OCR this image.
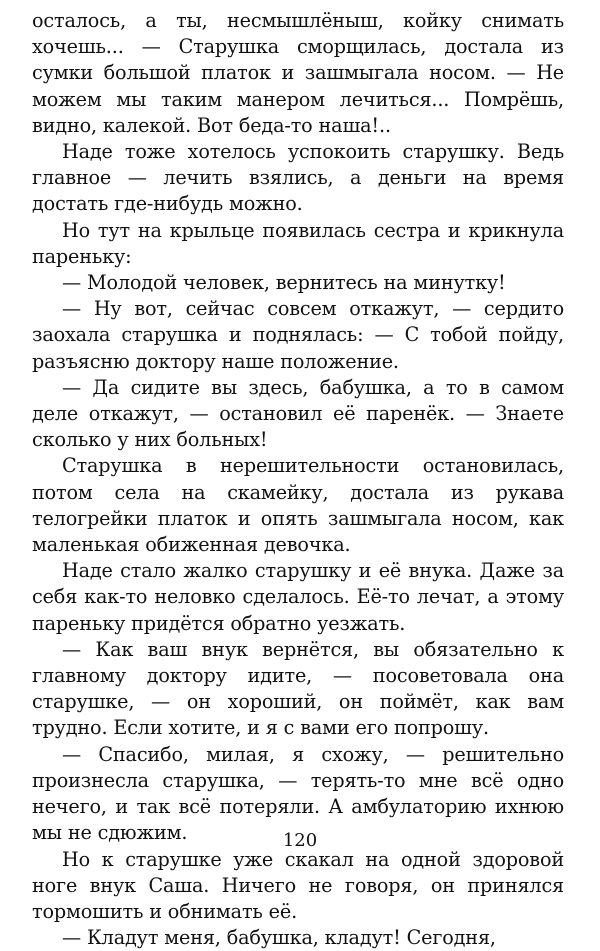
осталось, а ты, несмышлёныш, койку снимать хочешь... — Старушка сморщилась, достала из сумки большой платок и зашмыгала носом. — Не можем мы таким манером лечиться... Помрёшь, видно, калекой. Вот беда-то наша!..

Наде тоже хотелось успокоить старушку. Ведь главное — лечить взялись, а деньги на время достать где-нибудь можно.

Но тут на крыльце появилась сестра и крикнула пареньку:

— Молодой человек, вернитесь на минутку!

— Ну вот, сейчас совсем откажут, — сердито заохала старушка и поднялась: — С тобой пойду, разъясню доктору наше положение.

— Да сидите вы здесь, бабушка, а то в самом деле откажут, — остановил её паренёк. — Знаете сколько у них больных!

Старушка в нерешительности остановилась, потом села на скамейку, достала из рукава телогрейки платок и опять зашмыгала носом, как маленькая обиженная девочка.

Наде стало жалко старушку и её внука. Даже за себя как-то неловко сделалось. Её-то лечат, а этому пареньку придётся обратно уезжать.

— Как ваш внук вернётся, вы обязательно к главному доктору идите, — посоветовала она старушке, — он хороший, он поймёт, как вам трудно. Если хотите, и я с вами его попрошу.

— Спасибо, милая, я схожу, — решительно произнесла старушка, — терять-то мне всё одно нечего, и так всё потеряли. А амбулаторию ихнюю мы не сдюжим.

Но к старушке уже скакал на одной здоровой ноге внук Саша. Ничего не говоря, он принялся тормошить и обнимать её.

— Кладут меня, бабушка, кладут! Сегодня,

120
